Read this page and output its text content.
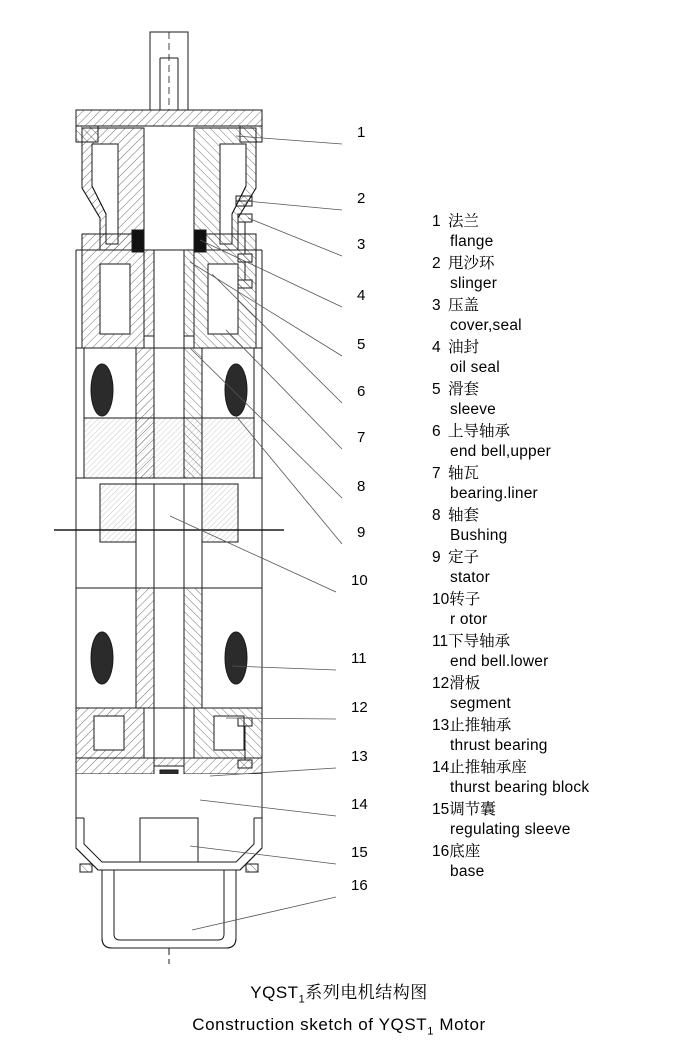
1
2
3
4
5
6
7
8
9
10
11
12
13
14
15
16
1 法兰
flange
2 甩沙环
slinger
3 压盖
cover,seal
4 油封
oil seal
5 滑套
sleeve
6 上导轴承
end bell,upper
7 轴瓦
bearing.liner
8 轴套
Bushing
9 定子
stator
10转子
r otor
11下导轴承
end bell.lower
12滑板
segment
13止推轴承
thrust bearing
14止推轴承座
thurst bearing block
15调节囊
regulating sleeve
16底座
base
$YQST_1$系列电机结构图
Construction sketch of $YQST_1$ Motor
